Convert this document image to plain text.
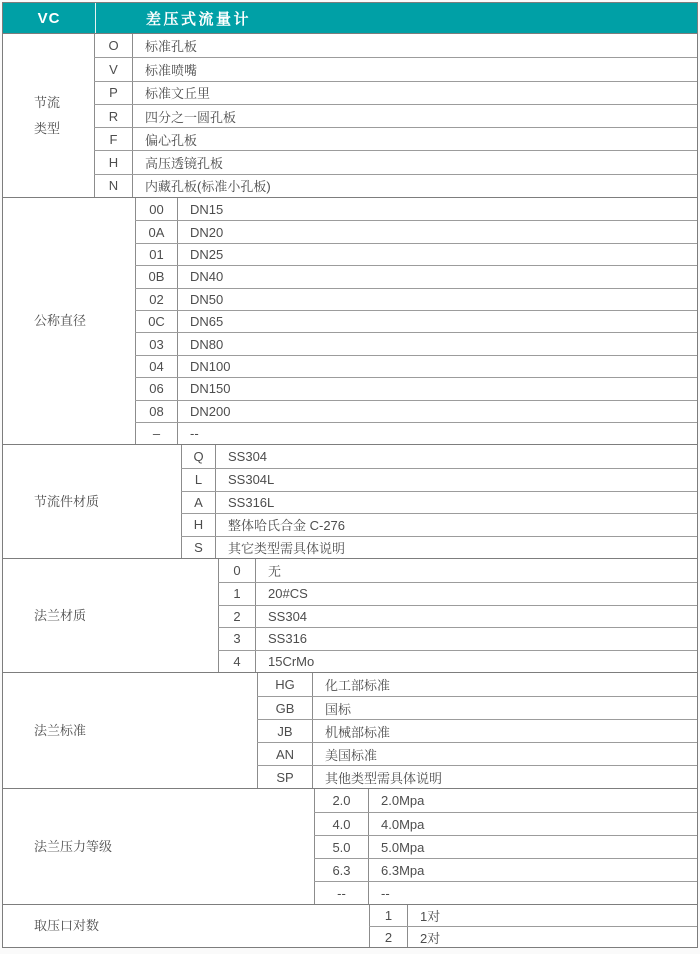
VC	差压式流量计
节流
类型
O	标准孔板
V	标准喷嘴
P	标准文丘里
R	四分之一圆孔板
F	偏心孔板
H	高压透镜孔板
N	内藏孔板(标准小孔板)
公称直径
00	DN15
0A	DN20
01	DN25
0B	DN40
02	DN50
0C	DN65
03	DN80
04	DN100
06	DN150
08	DN200
–	--
节流件材质
Q	SS304
L	SS304L
A	SS316L
H	整体哈氏合金 C-276
S	其它类型需具体说明
法兰材质
0	无
1	20#CS
2	SS304
3	SS316
4	15CrMo
法兰标准
HG	化工部标准
GB	国标
JB	机械部标准
AN	美国标准
SP	其他类型需具体说明
法兰压力等级
2.0	2.0Mpa
4.0	4.0Mpa
5.0	5.0Mpa
6.3	6.3Mpa
--	--
取压口对数
1	1对
2	2对
